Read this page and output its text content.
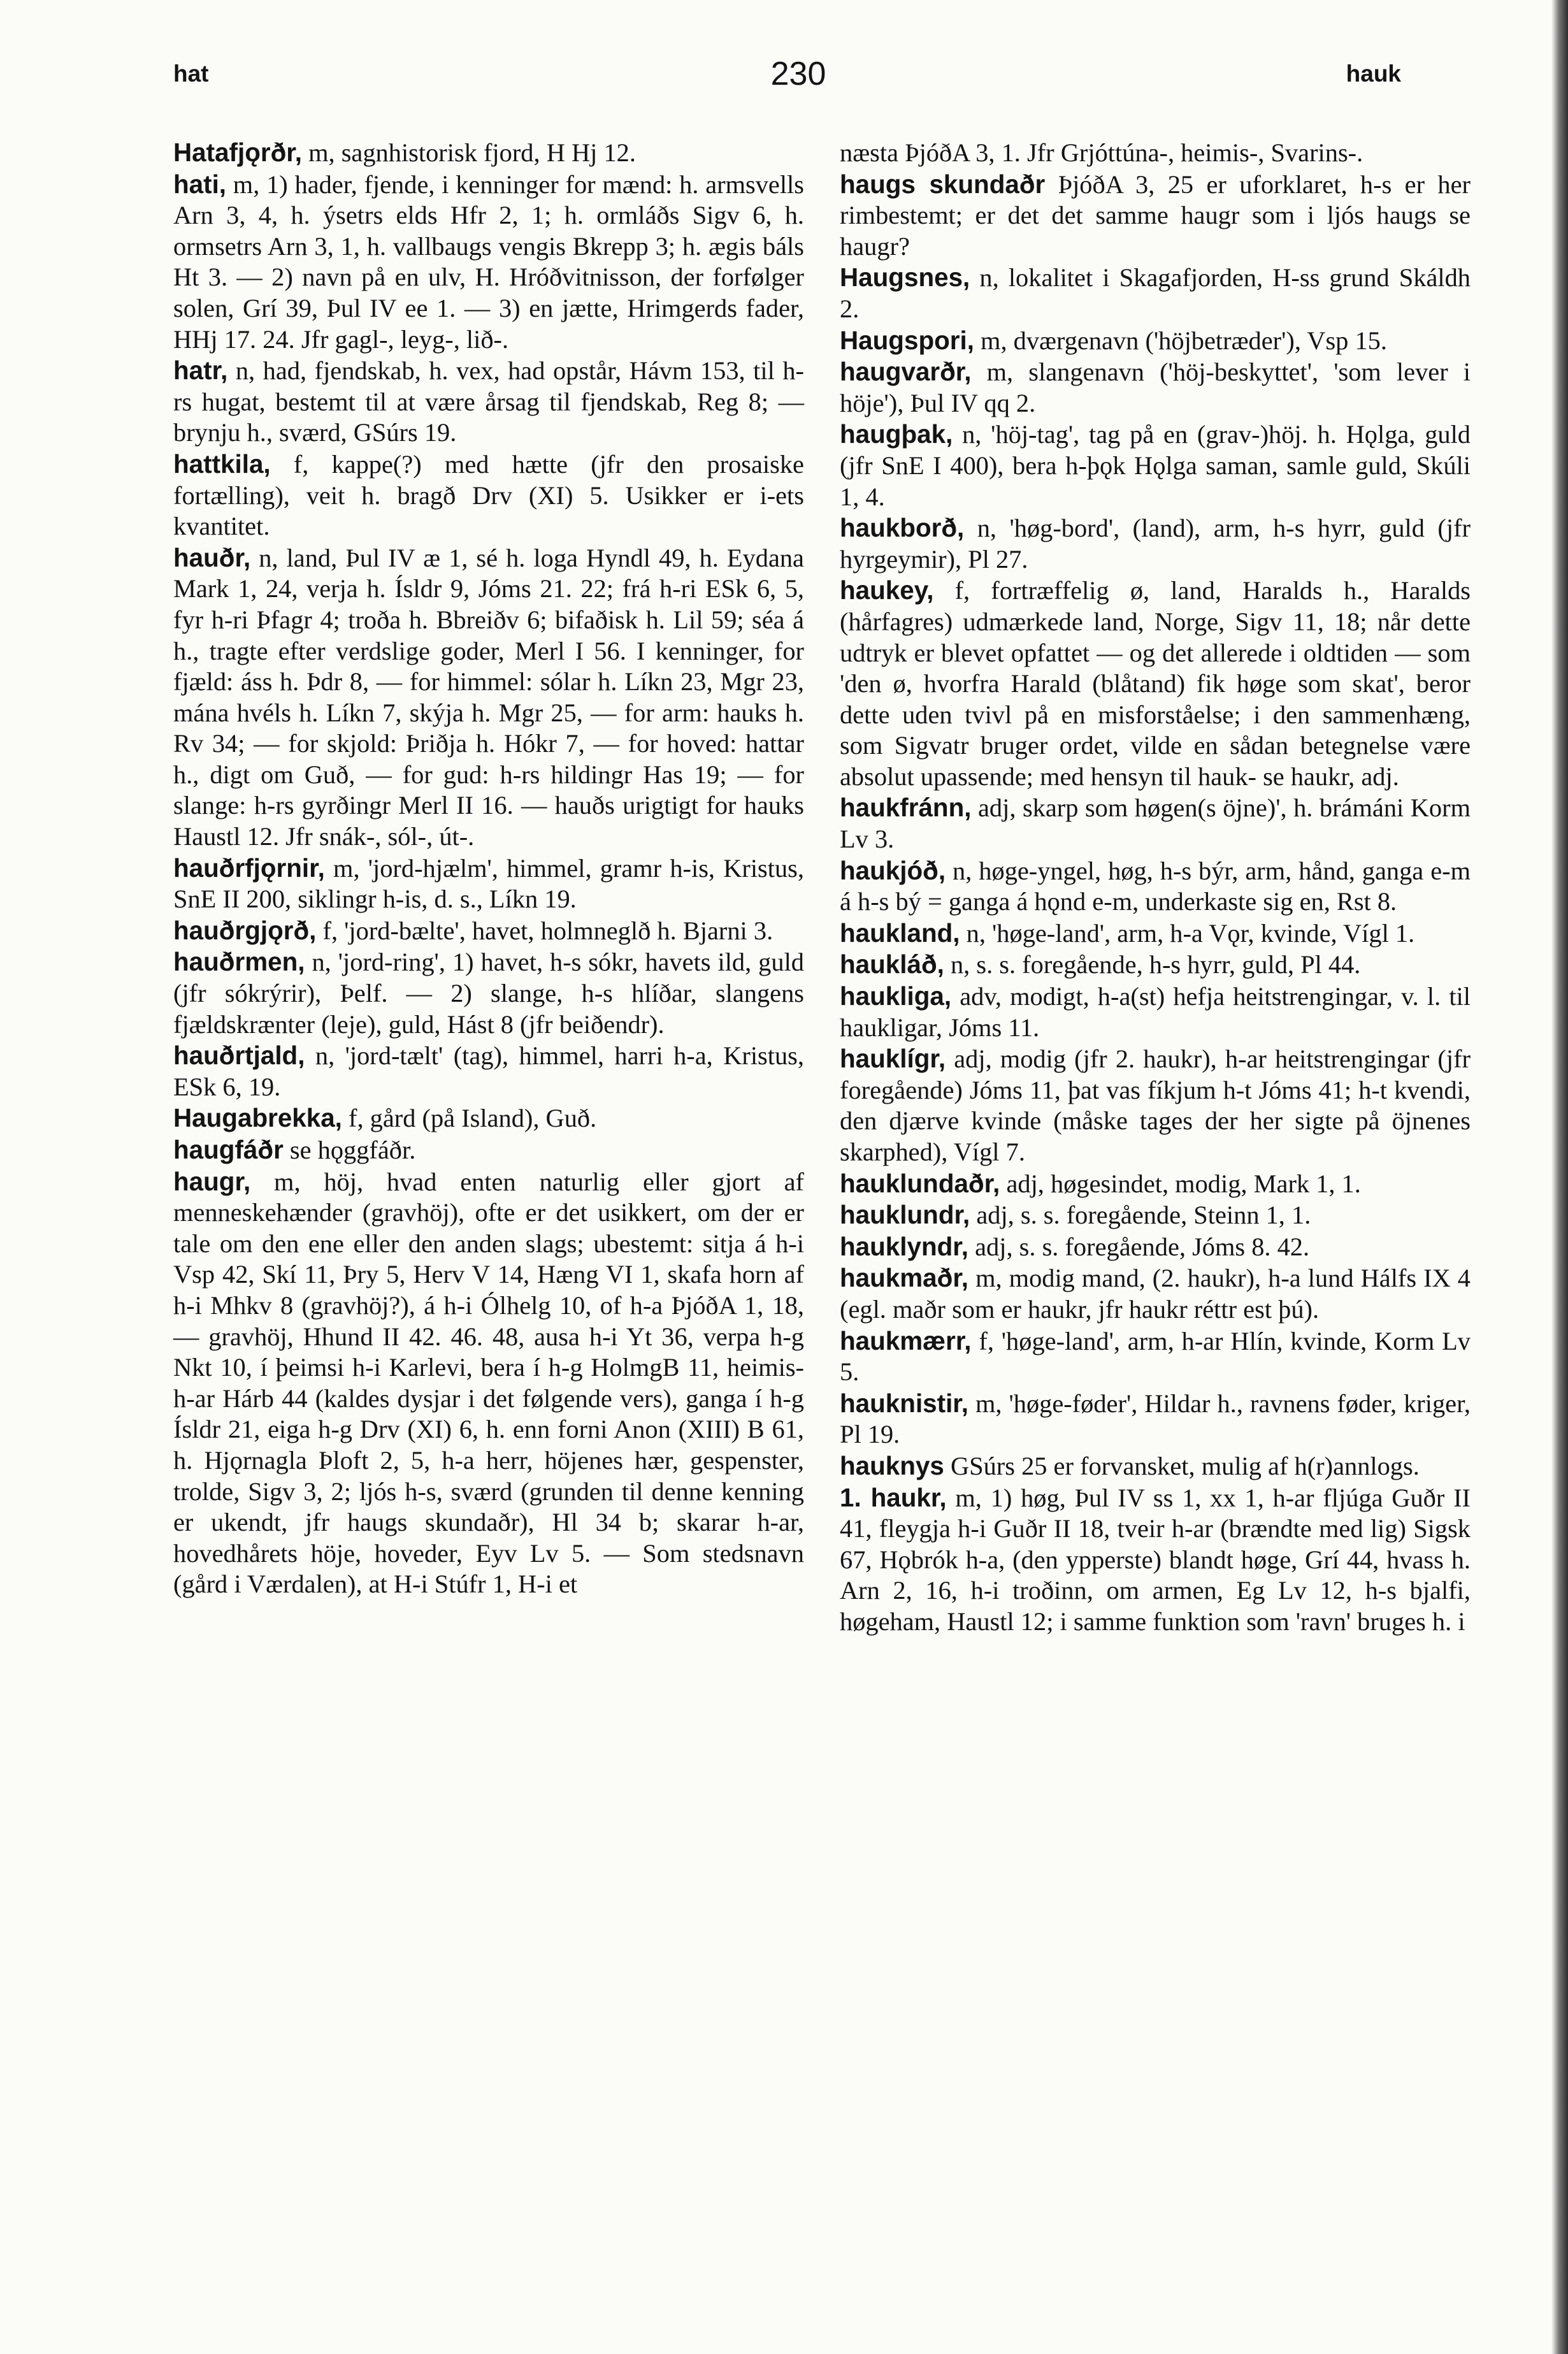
hat	230	hauk

Hatafjǫrðr, m, sagnhistorisk fjord, H Hj 12.

hati, m, 1) hader, fjende, i kenninger for mænd: h. armsvells Arn 3, 4, h. ýsetrs elds Hfr 2, 1; h. ormláðs Sigv 6, h. ormsetrs Arn 3, 1, h. vallbaugs vengis Bkrepp 3; h. ægis báls Ht 3. — 2) navn på en ulv, H. Hróðvitnisson, der forfølger solen, Grí 39, Þul IV ee 1. — 3) en jætte, Hrimgerds fader, HHj 17. 24. Jfr gagl-, leyg-, lið-.

hatr, n, had, fjendskab, h. vex, had opstår, Hávm 153, til h-rs hugat, bestemt til at være årsag til fjendskab, Reg 8; — brynju h., sværd, GSúrs 19.

hattkila, f, kappe(?) med hætte (jfr den prosaiske fortælling), veit h. bragð Drv (XI) 5. Usikker er i-ets kvantitet.

hauðr, n, land, Þul IV æ 1, sé h. loga Hyndl 49, h. Eydana Mark 1, 24, verja h. Ísldr 9, Jóms 21. 22; frá h-ri ESk 6, 5, fyr h-ri Þfagr 4; troða h. Bbreiðv 6; bifaðisk h. Lil 59; séa á h., tragte efter verdslige goder, Merl I 56. I kenninger, for fjæld: áss h. Þdr 8, — for himmel: sólar h. Líkn 23, Mgr 23, mána hvéls h. Líkn 7, skýja h. Mgr 25, — for arm: hauks h. Rv 34; — for skjold: Þriðja h. Hókr 7, — for hoved: hattar h., digt om Guð, — for gud: h-rs hildingr Has 19; — for slange: h-rs gyrðingr Merl II 16. — hauðs urigtigt for hauks Haustl 12. Jfr snák-, sól-, út-.

hauðrfjǫrnir, m, 'jord-hjælm', himmel, gramr h-is, Kristus, SnE II 200, siklingr h-is, d. s., Líkn 19.

hauðrgjǫrð, f, 'jord-bælte', havet, holmneglð h. Bjarni 3.

hauðrmen, n, 'jord-ring', 1) havet, h-s sókr, havets ild, guld (jfr sókrýrir), Þelf. — 2) slange, h-s hlíðar, slangens fjældskrænter (leje), guld, Hást 8 (jfr beiðendr).

hauðrtjald, n, 'jord-tælt' (tag), himmel, harri h-a, Kristus, ESk 6, 19.

Haugabrekka, f, gård (på Island), Guð.

haugfáðr se hǫggfáðr.

haugr, m, höj, hvad enten naturlig eller gjort af menneskehænder (gravhöj), ofte er det usikkert, om der er tale om den ene eller den anden slags; ubestemt: sitja á h-i Vsp 42, Skí 11, Þry 5, Herv V 14, Hæng VI 1, skafa horn af h-i Mhkv 8 (gravhöj?), á h-i Ólhelg 10, of h-a ÞjóðA 1, 18, — gravhöj, Hhund II 42. 46. 48, ausa h-i Yt 36, verpa h-g Nkt 10, í þeimsi h-i Karlevi, bera í h-g HolmgB 11, heimis-h-ar Hárb 44 (kaldes dysjar i det følgende vers), ganga í h-g Ísldr 21, eiga h-g Drv (XI) 6, h. enn forni Anon (XIII) B 61, h. Hjǫrnagla Þloft 2, 5, h-a herr, höjenes hær, gespenster, trolde, Sigv 3, 2; ljós h-s, sværd (grunden til denne kenning er ukendt, jfr haugs skundaðr), Hl 34 b; skarar h-ar, hovedhårets höje, hoveder, Eyv Lv 5. — Som stedsnavn (gård i Værdalen), at H-i Stúfr 1, H-i et

næsta ÞjóðA 3, 1. Jfr Grjóttúna-, heimis-, Svarins-.

haugs skundaðr ÞjóðA 3, 25 er uforklaret, h-s er her rimbestemt; er det det samme haugr som i ljós haugs se haugr?

Haugsnes, n, lokalitet i Skagafjorden, H-ss grund Skáldh 2.

Haugspori, m, dværgenavn ('höjbetræder'), Vsp 15.

haugvarðr, m, slangenavn ('höj-beskyttet', 'som lever i höje'), Þul IV qq 2.

haugþak, n, 'höj-tag', tag på en (grav-)höj. h. Hǫlga, guld (jfr SnE I 400), bera h-þǫk Hǫlga saman, samle guld, Skúli 1, 4.

haukborð, n, 'høg-bord', (land), arm, h-s hyrr, guld (jfr hyrgeymir), Pl 27.

haukey, f, fortræffelig ø, land, Haralds h., Haralds (hårfagres) udmærkede land, Norge, Sigv 11, 18; når dette udtryk er blevet opfattet — og det allerede i oldtiden — som 'den ø, hvorfra Harald (blåtand) fik høge som skat', beror dette uden tvivl på en misforståelse; i den sammenhæng, som Sigvatr bruger ordet, vilde en sådan betegnelse være absolut upassende; med hensyn til hauk- se haukr, adj.

haukfránn, adj, skarp som høgen(s öjne)', h. brámáni Korm Lv 3.

haukjóð, n, høge-yngel, høg, h-s býr, arm, hånd, ganga e-m á h-s bý = ganga á hǫnd e-m, underkaste sig en, Rst 8.

haukland, n, 'høge-land', arm, h-a Vǫr, kvinde, Vígl 1.

haukláð, n, s. s. foregående, h-s hyrr, guld, Pl 44.

haukliga, adv, modigt, h-a(st) hefja heitstrengingar, v. l. til haukligar, Jóms 11.

hauklígr, adj, modig (jfr 2. haukr), h-ar heitstrengingar (jfr foregående) Jóms 11, þat vas fíkjum h-t Jóms 41; h-t kvendi, den djærve kvinde (måske tages der her sigte på öjnenes skarphed), Vígl 7.

hauklundaðr, adj, høgesindet, modig, Mark 1, 1.

hauklundr, adj, s. s. foregående, Steinn 1, 1.

hauklyndr, adj, s. s. foregående, Jóms 8. 42.

haukmaðr, m, modig mand, (2. haukr), h-a lund Hálfs IX 4 (egl. maðr som er haukr, jfr haukr réttr est þú).

haukmærr, f, 'høge-land', arm, h-ar Hlín, kvinde, Korm Lv 5.

hauknistir, m, 'høge-føder', Hildar h., ravnens føder, kriger, Pl 19.

hauknys GSúrs 25 er forvansket, mulig af h(r)annlogs.

1. haukr, m, 1) høg, Þul IV ss 1, xx 1, h-ar flјúga Guðr II 41, fleygja h-i Guðr II 18, tveir h-ar (brændte med lig) Sigsk 67, Hǫbrók h-a, (den ypperste) blandt høge, Grí 44, hvass h. Arn 2, 16, h-i troðinn, om armen, Eg Lv 12, h-s bjalfi, høgeham, Haustl 12; i samme funktion som 'ravn' bruges h. i
